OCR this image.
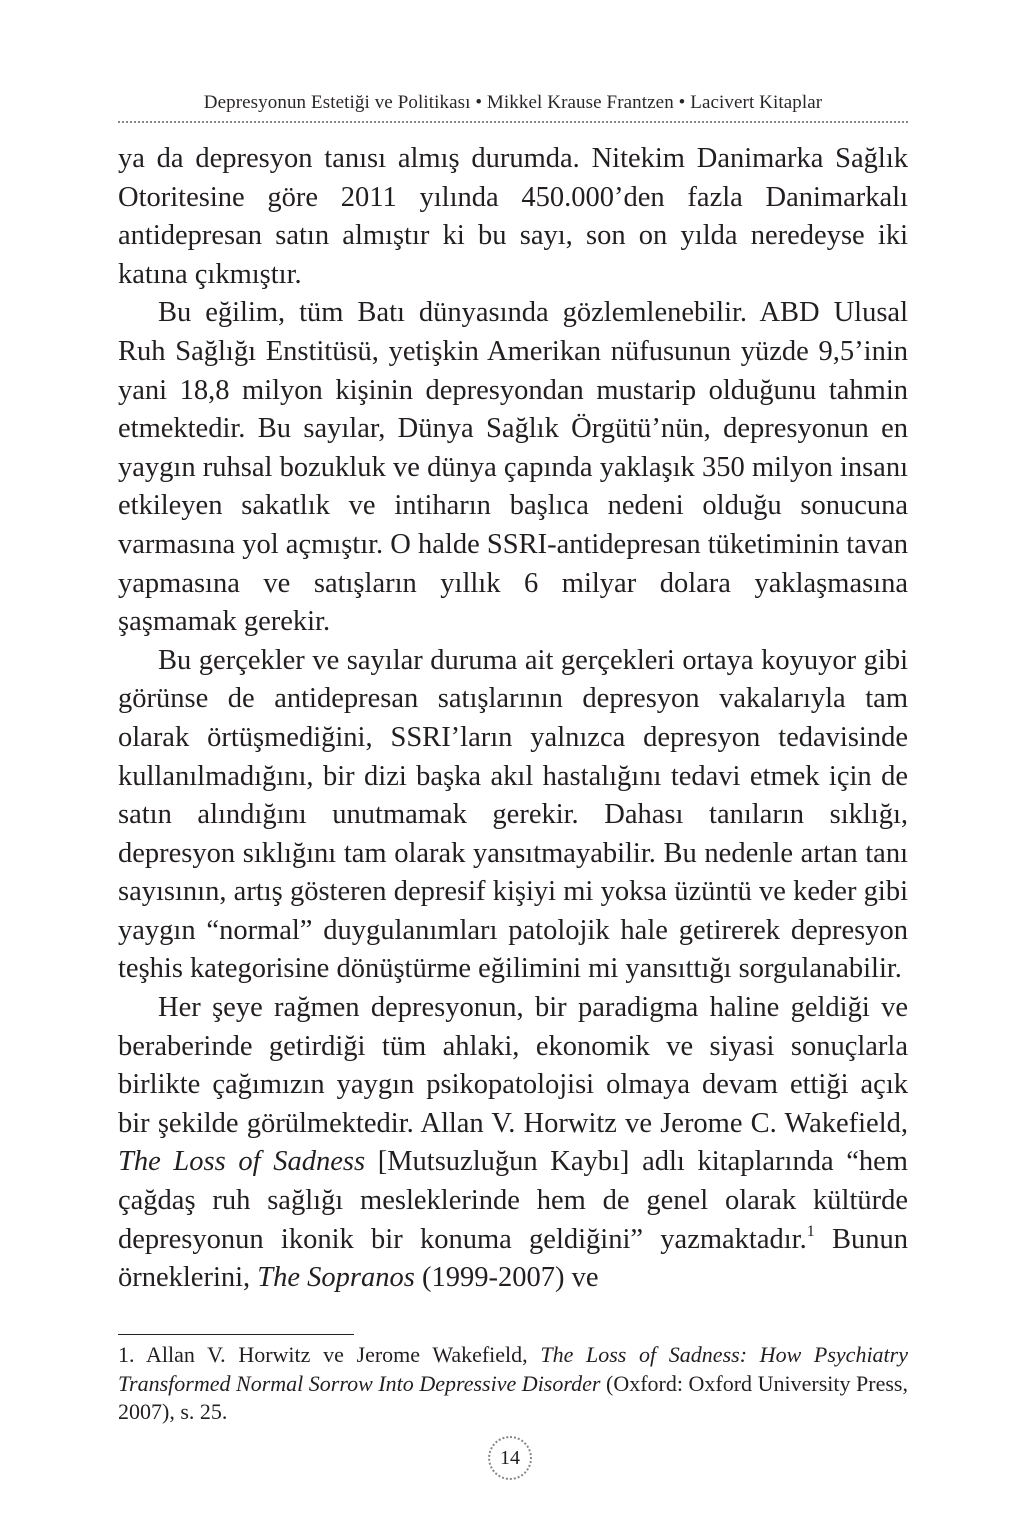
Depresyonun Estetiği ve Politikası • Mikkel Krause Frantzen • Lacivert Kitaplar

ya da depresyon tanısı almış durumda. Nitekim Danimarka Sağlık Otoritesine göre 2011 yılında 450.000’den fazla Danimarkalı antidepresan satın almıştır ki bu sayı, son on yılda neredeyse iki katına çıkmıştır.

Bu eğilim, tüm Batı dünyasında gözlemlenebilir. ABD Ulusal Ruh Sağlığı Enstitüsü, yetişkin Amerikan nüfusunun yüzde 9,5’inin yani 18,8 milyon kişinin depresyondan mustarip olduğunu tahmin etmektedir. Bu sayılar, Dünya Sağlık Örgütü’nün, depresyonun en yaygın ruhsal bozukluk ve dünya çapında yaklaşık 350 milyon insanı etkileyen sakatlık ve intiharın başlıca nedeni olduğu sonucuna varmasına yol açmıştır. O halde SSRI-antidepresan tüketiminin tavan yapmasına ve satışların yıllık 6 milyar dolara yaklaşmasına şaşmamak gerekir.

Bu gerçekler ve sayılar duruma ait gerçekleri ortaya koyuyor gibi görünse de antidepresan satışlarının depresyon vakalarıyla tam olarak örtüşmediğini, SSRI’ların yalnızca depresyon tedavisinde kullanılmadığını, bir dizi başka akıl hastalığını tedavi etmek için de satın alındığını unutmamak gerekir. Dahası tanıların sıklığı, depresyon sıklığını tam olarak yansıtmayabilir. Bu nedenle artan tanı sayısının, artış gösteren depresif kişiyi mi yoksa üzüntü ve keder gibi yaygın “normal” duygulanımları patolojik hale getirerek depresyon teşhis kategorisine dönüştürme eğilimini mi yansıttığı sorgulanabilir.

Her şeye rağmen depresyonun, bir paradigma haline geldiği ve beraberinde getirdiği tüm ahlaki, ekonomik ve siyasi sonuçlarla birlikte çağımızın yaygın psikopatolojisi olmaya devam ettiği açık bir şekilde görülmektedir. Allan V. Horwitz ve Jerome C. Wakefield, The Loss of Sadness [Mutsuzluğun Kaybı] adlı kitaplarında “hem çağdaş ruh sağlığı mesleklerinde hem de genel olarak kültürde depresyonun ikonik bir konuma geldiğini” yazmaktadır.$^1$ Bunun örneklerini, The Sopranos (1999-2007) ve

1. Allan V. Horwitz ve Jerome Wakefield, The Loss of Sadness: How Psychiatry Transformed Normal Sorrow Into Depressive Disorder (Oxford: Oxford University Press, 2007), s. 25.
14
